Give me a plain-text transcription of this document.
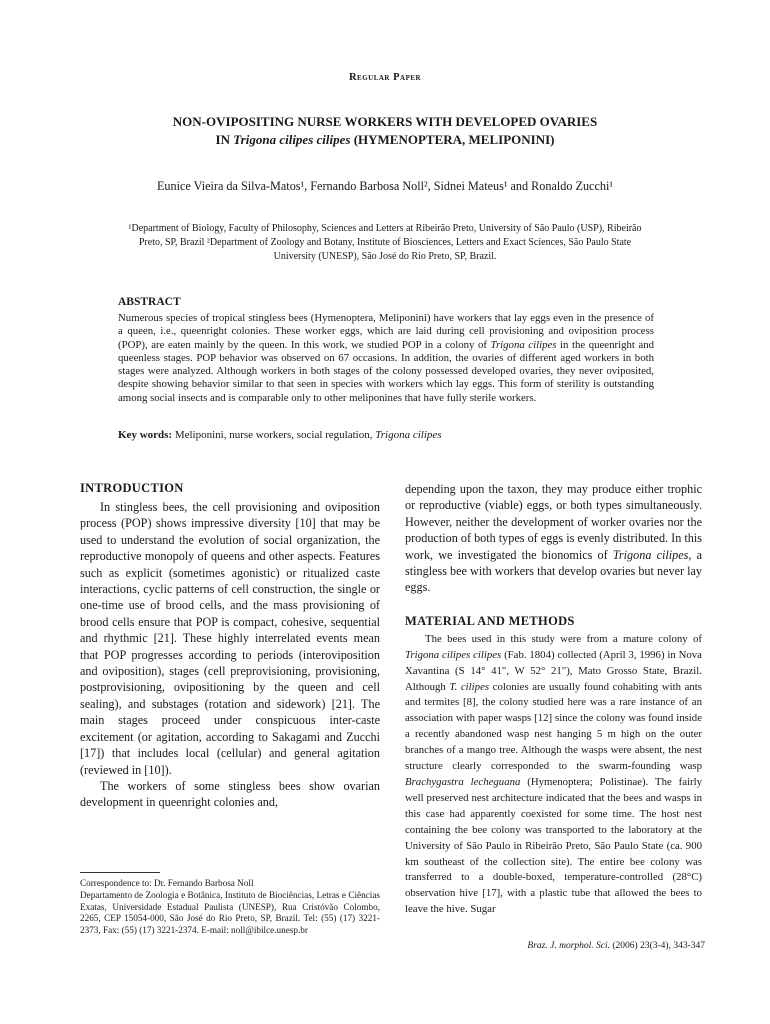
Regular Paper
NON-OVIPOSITING NURSE WORKERS WITH DEVELOPED OVARIES
IN Trigona cilipes cilipes (HYMENOPTERA, MELIPONINI)
Eunice Vieira da Silva-Matos¹, Fernando Barbosa Noll², Sidnei Mateus¹ and Ronaldo Zucchi¹
¹Department of Biology, Faculty of Philosophy, Sciences and Letters at Ribeirão Preto, University of São Paulo (USP), Ribeirão Preto, SP, Brazil ²Department of Zoology and Botany, Institute of Biosciences, Letters and Exact Sciences, São Paulo State University (UNESP), São José do Rio Preto, SP, Brazil.
ABSTRACT
Numerous species of tropical stingless bees (Hymenoptera, Meliponini) have workers that lay eggs even in the presence of a queen, i.e., queenright colonies. These worker eggs, which are laid during cell provisioning and oviposition process (POP), are eaten mainly by the queen. In this work, we studied POP in a colony of Trigona cilipes in the queenright and queenless stages. POP behavior was observed on 67 occasions. In addition, the ovaries of different aged workers in both stages were analyzed. Although workers in both stages of the colony possessed developed ovaries, they never oviposited, despite showing behavior similar to that seen in species with workers which lay eggs. This form of sterility is outstanding among social insects and is comparable only to other meliponines that have fully sterile workers.
Key words: Meliponini, nurse workers, social regulation, Trigona cilipes
INTRODUCTION

In stingless bees, the cell provisioning and oviposition process (POP) shows impressive diversity [10] that may be used to understand the evolution of social organization, the reproductive monopoly of queens and other aspects. Features such as explicit (sometimes agonistic) or ritualized caste interactions, cyclic patterns of cell construction, the single or one-time use of brood cells, and the mass provisioning of brood cells ensure that POP is compact, cohesive, sequential and rhythmic [21]. These highly interrelated events mean that POP progresses according to periods (interoviposition and oviposition), stages (cell preprovisioning, provisioning, postprovisioning, ovipositioning by the queen and cell sealing), and substages (rotation and sidework) [21]. The main stages proceed under conspicuous inter-caste excitement (or agitation, according to Sakagami and Zucchi [17]) that includes local (cellular) and general agitation (reviewed in [10]).

The workers of some stingless bees show ovarian development in queenright colonies and,

depending upon the taxon, they may produce either trophic or reproductive (viable) eggs, or both types simultaneously. However, neither the development of worker ovaries nor the production of both types of eggs is evenly distributed. In this work, we investigated the bionomics of Trigona cilipes, a stingless bee with workers that develop ovaries but never lay eggs.

MATERIAL AND METHODS

The bees used in this study were from a mature colony of Trigona cilipes cilipes (Fab. 1804) collected (April 3, 1996) in Nova Xavantina (S 14° 41", W 52° 21"), Mato Grosso State, Brazil. Although T. cilipes colonies are usually found cohabiting with ants and termites [8], the colony studied here was a rare instance of an association with paper wasps [12] since the colony was found inside a recently abandoned wasp nest hanging 5 m high on the outer branches of a mango tree. Although the wasps were absent, the nest structure clearly corresponded to the swarm-founding wasp Brachygastra lecheguana (Hymenoptera; Polistinae). The fairly well preserved nest architecture indicated that the bees and wasps in this case had apparently coexisted for some time. The host nest containing the bee colony was transported to the laboratory at the University of São Paulo in Ribeirão Preto, São Paulo State (ca. 900 km southeast of the collection site). The entire bee colony was transferred to a double-boxed, temperature-controlled (28°C) observation hive [17], with a plastic tube that allowed the bees to leave the hive. Sugar

Correspondence to: Dr. Fernando Barbosa Noll
Departamento de Zoologia e Botânica, Instituto de Biociências, Letras e Ciências Exatas, Universidade Estadual Paulista (UNESP), Rua Cristóvão Colombo, 2265, CEP 15054-000, São José do Rio Preto, SP, Brazil. Tel: (55) (17) 3221-2373, Fax: (55) (17) 3221-2374. E-mail: noll@ibilce.unesp.br
Braz. J. morphol. Sci. (2006) 23(3-4), 343-347
